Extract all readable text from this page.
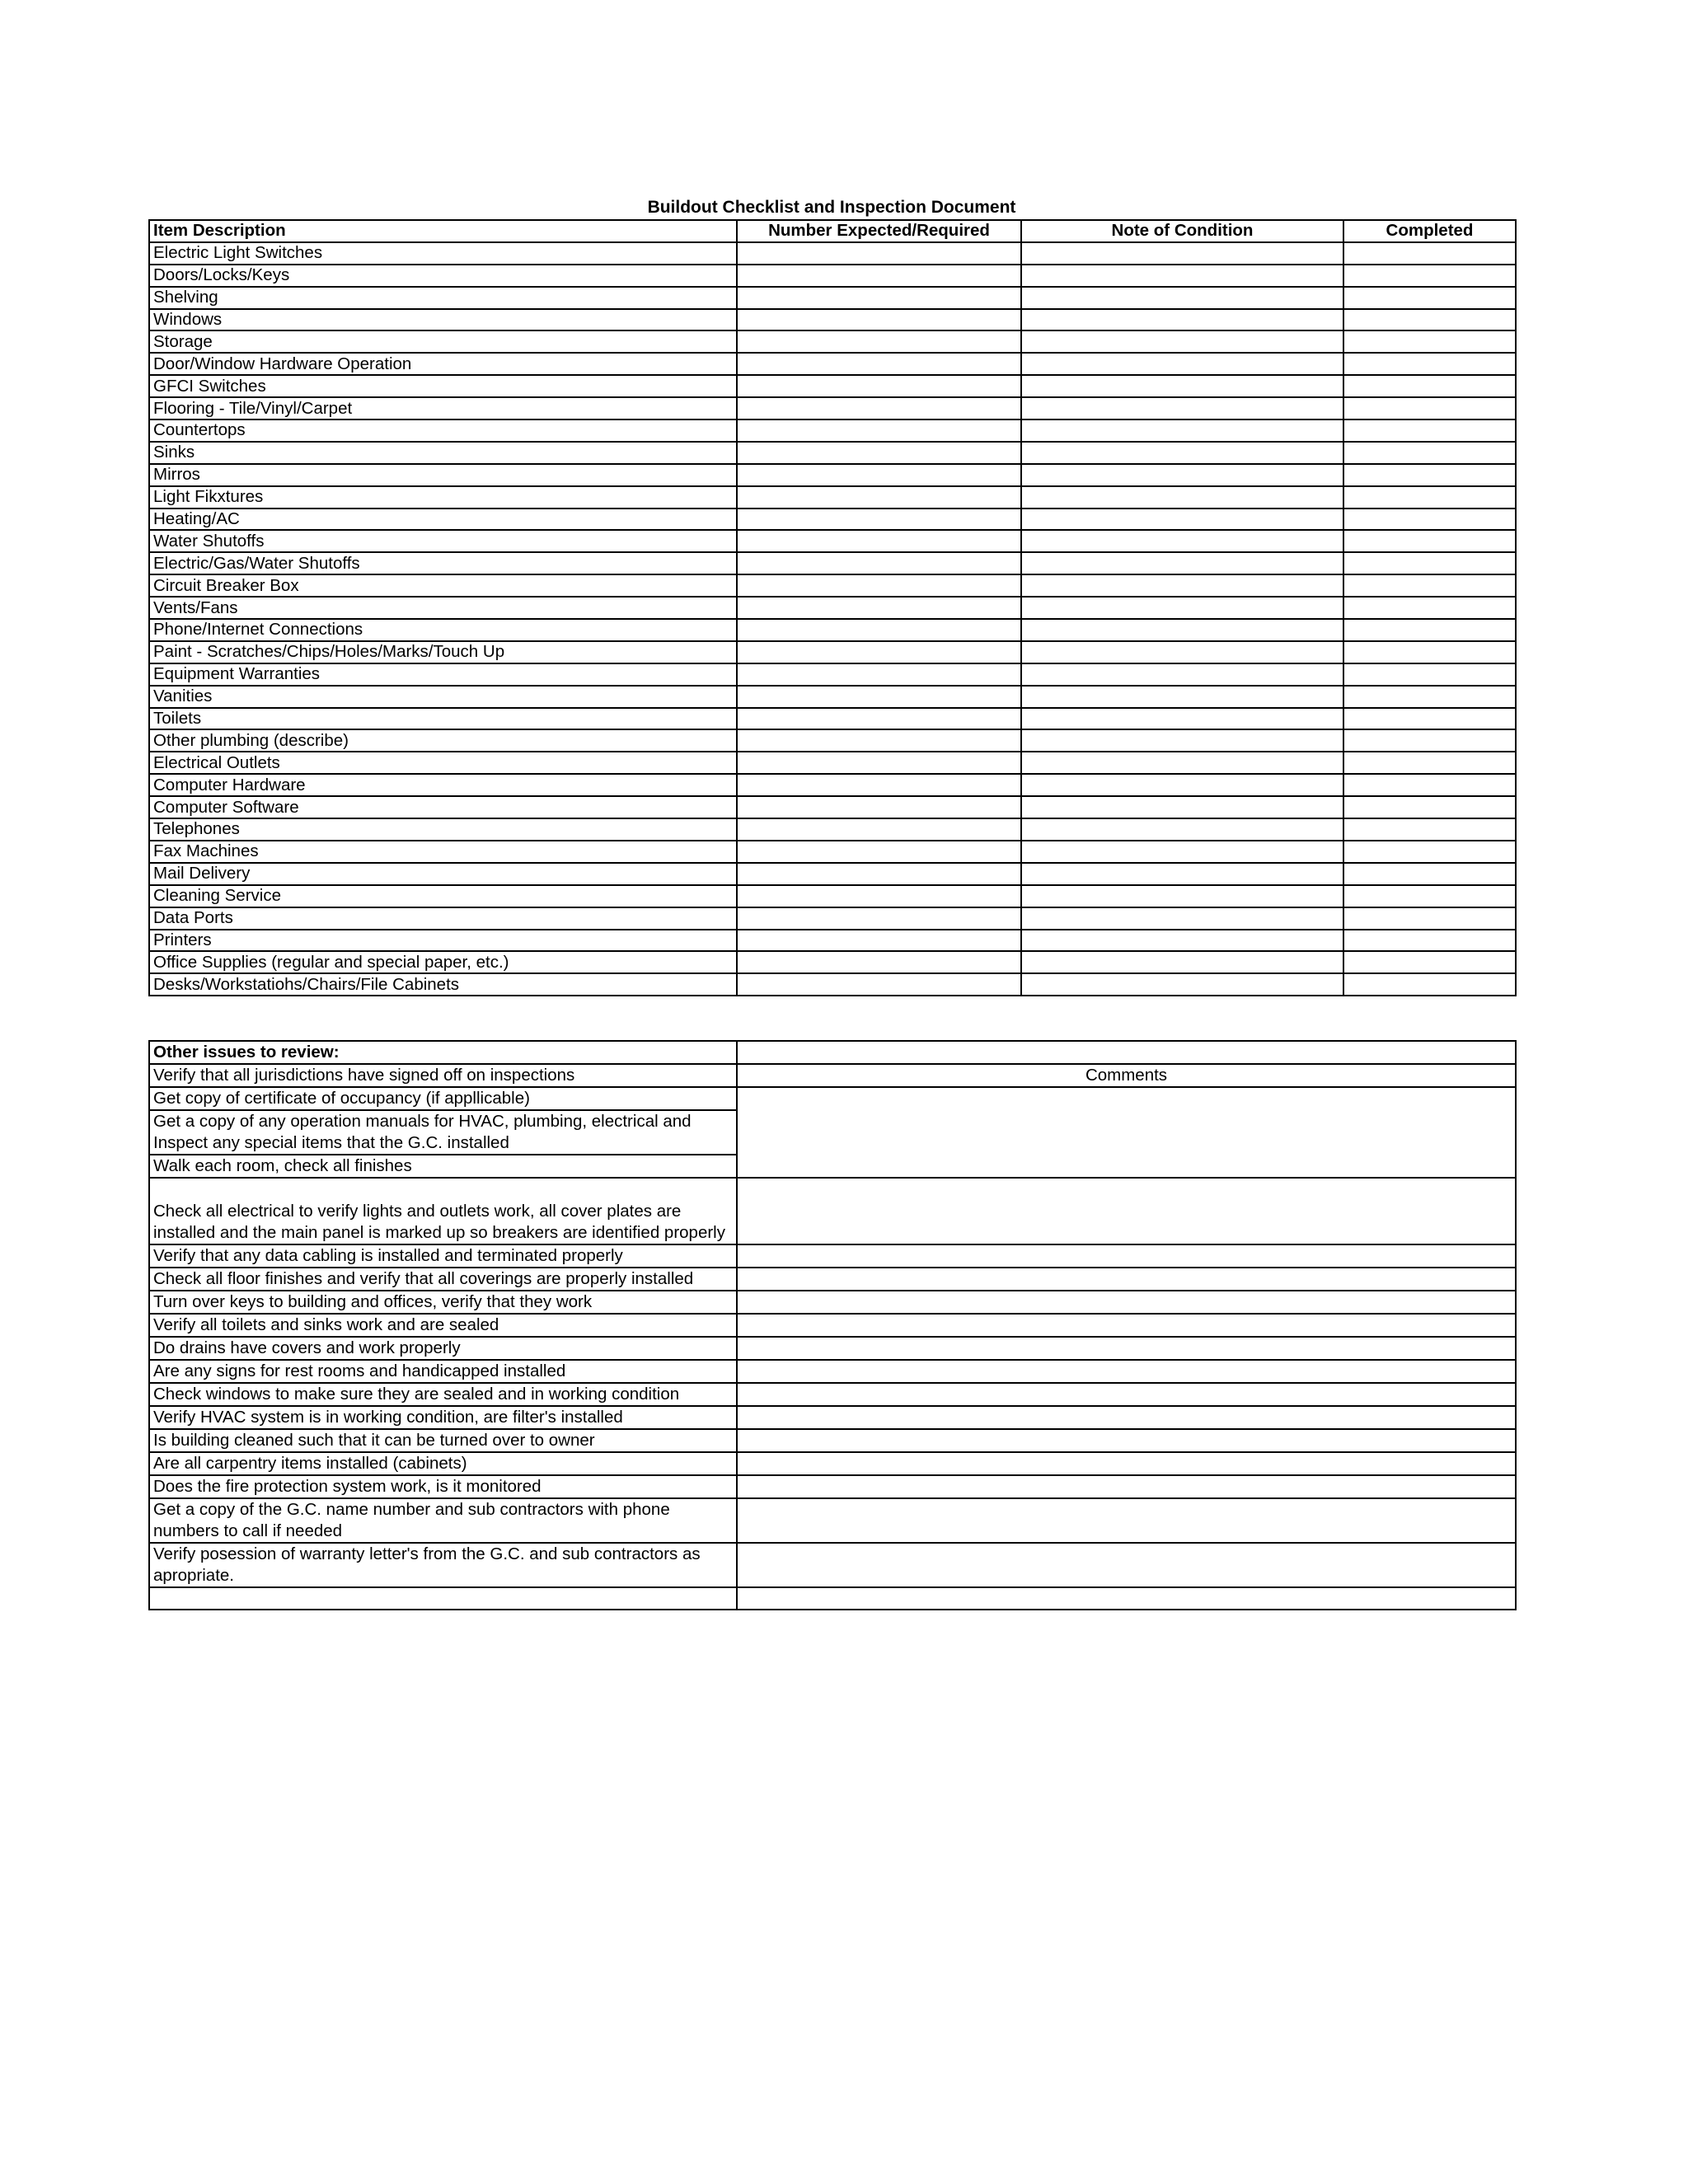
Buildout Checklist and Inspection Document
Item Description	Number Expected/Required	Note of Condition	Completed
Electric Light Switches			
Doors/Locks/Keys			
Shelving			
Windows			
Storage			
Door/Window Hardware Operation			
GFCI Switches			
Flooring - Tile/Vinyl/Carpet			
Countertops			
Sinks			
Mirros			
Light Fikxtures			
Heating/AC			
Water Shutoffs			
Electric/Gas/Water Shutoffs			
Circuit Breaker Box			
Vents/Fans			
Phone/Internet Connections			
Paint - Scratches/Chips/Holes/Marks/Touch Up			
Equipment Warranties			
Vanities			
Toilets			
Other plumbing (describe)			
Electrical Outlets			
Computer Hardware			
Computer Software			
Telephones			
Fax Machines			
Mail Delivery			
Cleaning Service			
Data Ports			
Printers			
Office Supplies (regular and special paper, etc.)			
Desks/Workstatiohs/Chairs/File Cabinets			
Other issues to review:	
Verify that all jurisdictions have signed off on inspections	Comments
Get copy of certificate of occupancy (if appllicable)	
Get a copy of any operation manuals for HVAC, plumbing, electrical and Inspect any special items that the G.C. installed	
Walk each room, check all finishes	
Check all electrical to verify lights and outlets work, all cover plates are installed and the main panel is marked up so breakers are identified properly	
Verify that any data cabling is installed and terminated properly	
Check all floor finishes and verify that all coverings are properly installed	
Turn over keys to building and offices, verify that they work	
Verify all toilets and sinks work and are sealed	
Do drains have covers and work properly	
Are any signs for rest rooms and handicapped installed	
Check windows to make sure they are sealed and in working condition	
Verify HVAC system is in working condition, are filter's installed	
Is building cleaned such that it can be turned over to owner	
Are all carpentry items installed (cabinets)	
Does the fire protection system work, is it monitored	
Get a copy of the G.C. name number and sub contractors with phone numbers to call if needed	
Verify posession of warranty letter's from the G.C. and sub contractors as apropriate.	
